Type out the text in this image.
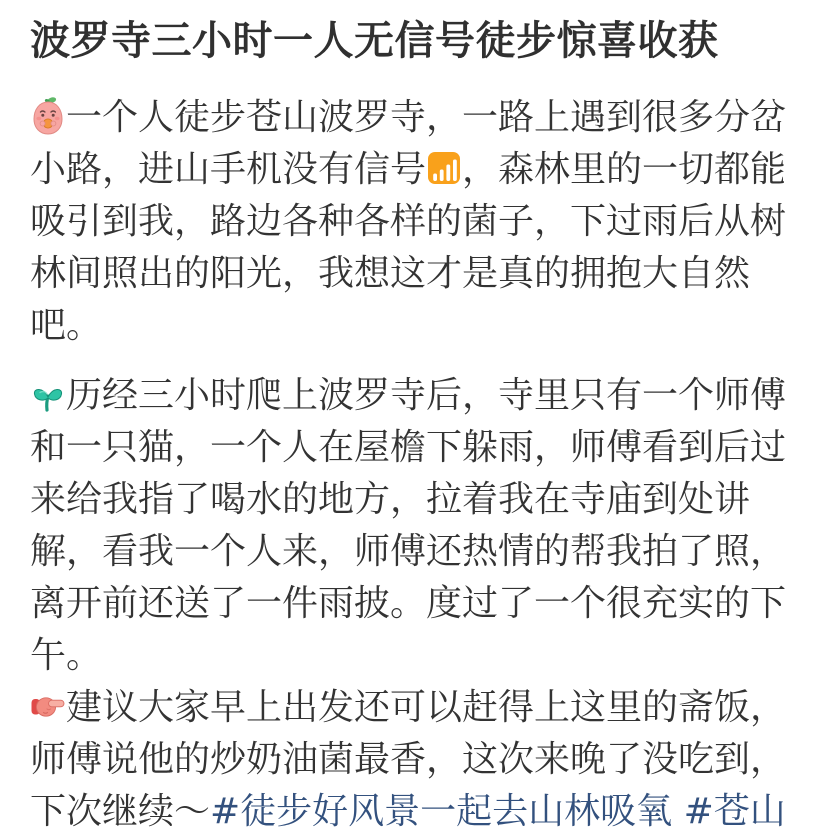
波罗寺三小时一人无信号徒步惊喜收获

一个人徒步苍山波罗寺，一路上遇到很多分岔小路，进山手机没有信号 ，森林里的一切都能吸引到我，路边各种各样的菌子，下过雨后从树林间照出的阳光，我想这才是真的拥抱大自然吧。

历经三小时爬上波罗寺后，寺里只有一个师傅和一只猫，一个人在屋檐下躲雨，师傅看到后过来给我指了喝水的地方，拉着我在寺庙到处讲解，看我一个人来，师傅还热情的帮我拍了照，离开前还送了一件雨披。度过了一个很充实的下午。

建议大家早上出发还可以赶得上这里的斋饭，师傅说他的炒奶油菌最香，这次来晚了没吃到，下次继续～#徒步好风景一起去山林吸氧 #苍山
